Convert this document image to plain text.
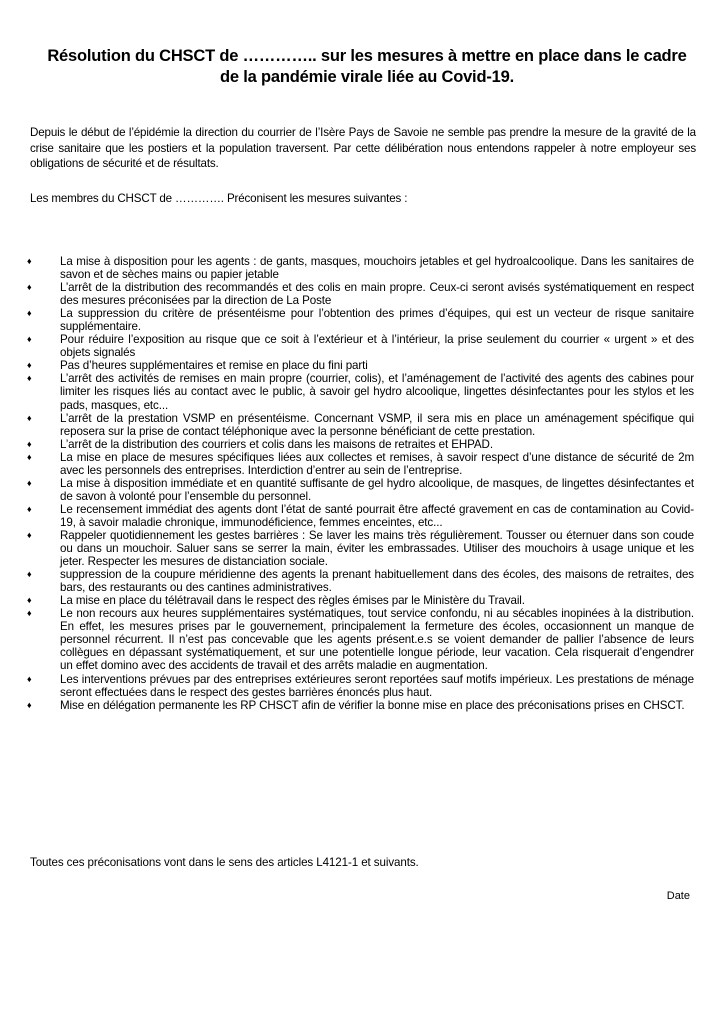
Résolution du CHSCT de ………….. sur les mesures à mettre en place dans le cadre de la pandémie virale liée au Covid-19.
Depuis le début de l’épidémie la direction du courrier de l’Isère Pays de Savoie ne semble pas prendre la mesure de la gravité de la crise sanitaire que les postiers et la population traversent. Par cette délibération nous entendons rappeler à notre employeur ses obligations de sécurité et de résultats.
Les membres du CHSCT de …………. Préconisent les mesures suivantes :
♦	La mise à disposition pour les agents : de gants, masques, mouchoirs jetables et gel hydroalcoolique. Dans les sanitaires de savon et de sèches mains ou papier jetable
♦	L’arrêt de la distribution des recommandés et des colis en main propre. Ceux-ci seront avisés systématiquement en respect des mesures préconisées par la direction de La Poste
♦	La suppression du critère de présentéisme pour l’obtention des primes d’équipes, qui est un vecteur de risque sanitaire supplémentaire.
♦	Pour réduire l’exposition au risque que ce soit à l’extérieur et à l’intérieur, la prise seulement du courrier « urgent » et des objets signalés
♦	Pas d’heures supplémentaires et remise en place du fini parti
♦	L’arrêt des activités de remises en main propre (courrier, colis), et l’aménagement de l’activité des agents des cabines pour limiter les risques liés au contact avec le public, à savoir gel hydro alcoolique, lingettes désinfectantes pour les stylos et les pads, masques, etc...
♦	L’arrêt de la prestation VSMP en présentéisme. Concernant VSMP, il sera mis en place un aménagement spécifique qui reposera sur la prise de contact téléphonique avec la personne bénéficiant de cette prestation.
♦	L’arrêt de la distribution des courriers et colis dans les maisons de retraites et EHPAD.
♦	La mise en place de mesures spécifiques liées aux collectes et remises, à savoir respect d’une distance de sécurité de 2m avec les personnels des entreprises. Interdiction d’entrer au sein de l’entreprise.
♦	La mise à disposition immédiate et en quantité suffisante de gel hydro alcoolique, de masques, de lingettes désinfectantes et de savon à volonté pour l’ensemble du personnel.
♦	Le recensement immédiat des agents dont l’état de santé pourrait être affecté gravement en cas de contamination au Covid-19, à savoir maladie chronique, immunodéficience, femmes enceintes, etc...
♦	Rappeler quotidiennement les gestes barrières : Se laver les mains très régulièrement. Tousser ou éternuer dans son coude ou dans un mouchoir. Saluer sans se serrer la main, éviter les embrassades. Utiliser des mouchoirs à usage unique et les jeter. Respecter les mesures de distanciation sociale.
♦	suppression de la coupure méridienne des agents la prenant habituellement dans des écoles, des maisons de retraites, des bars, des restaurants ou des cantines administratives.
♦	La mise en place du télétravail dans le respect des règles émises par le Ministère du Travail.
♦	Le non recours aux heures supplémentaires systématiques, tout service confondu, ni au sécables inopinées à la distribution. En effet, les mesures prises par le gouvernement, principalement la fermeture des écoles, occasionnent un manque de personnel récurrent. Il n’est pas concevable que les agents présent.e.s se voient demander de pallier l’absence de leurs collègues en dépassant systématiquement, et sur une potentielle longue période, leur vacation. Cela risquerait d’engendrer un effet domino avec des accidents de travail et des arrêts maladie en augmentation.
♦	Les interventions prévues par des entreprises extérieures seront reportées sauf motifs impérieux. Les prestations de ménage seront effectuées dans le respect des gestes barrières énoncés plus haut.
♦	Mise en délégation permanente les RP CHSCT afin de vérifier la bonne mise en place des préconisations prises en CHSCT.
Toutes ces préconisations vont dans le sens des articles L4121-1 et suivants.
Date
